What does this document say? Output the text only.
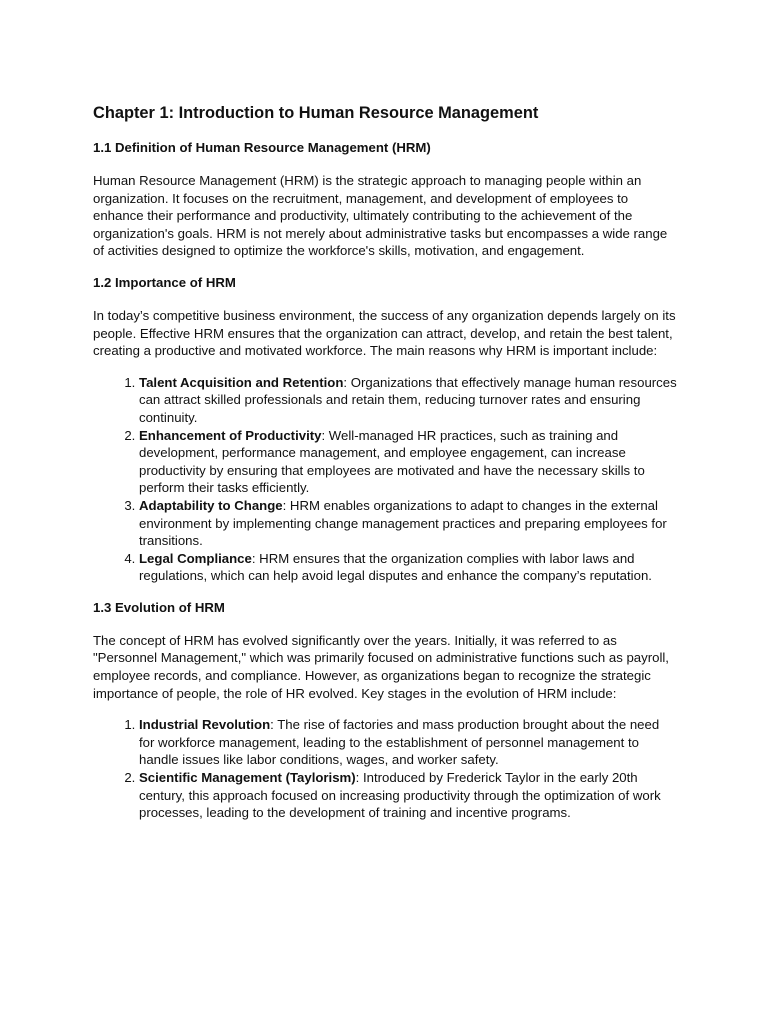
Chapter 1: Introduction to Human Resource Management
1.1 Definition of Human Resource Management (HRM)

Human Resource Management (HRM) is the strategic approach to managing people within an organization. It focuses on the recruitment, management, and development of employees to enhance their performance and productivity, ultimately contributing to the achievement of the organization's goals. HRM is not merely about administrative tasks but encompasses a wide range of activities designed to optimize the workforce's skills, motivation, and engagement.

1.2 Importance of HRM

In today’s competitive business environment, the success of any organization depends largely on its people. Effective HRM ensures that the organization can attract, develop, and retain the best talent, creating a productive and motivated workforce. The main reasons why HRM is important include:

1. Talent Acquisition and Retention: Organizations that effectively manage human resources can attract skilled professionals and retain them, reducing turnover rates and ensuring continuity.
2. Enhancement of Productivity: Well-managed HR practices, such as training and development, performance management, and employee engagement, can increase productivity by ensuring that employees are motivated and have the necessary skills to perform their tasks efficiently.
3. Adaptability to Change: HRM enables organizations to adapt to changes in the external environment by implementing change management practices and preparing employees for transitions.
4. Legal Compliance: HRM ensures that the organization complies with labor laws and regulations, which can help avoid legal disputes and enhance the company’s reputation.
1.3 Evolution of HRM

The concept of HRM has evolved significantly over the years. Initially, it was referred to as "Personnel Management," which was primarily focused on administrative functions such as payroll, employee records, and compliance. However, as organizations began to recognize the strategic importance of people, the role of HR evolved. Key stages in the evolution of HRM include:

1. Industrial Revolution: The rise of factories and mass production brought about the need for workforce management, leading to the establishment of personnel management to handle issues like labor conditions, wages, and worker safety.
2. Scientific Management (Taylorism): Introduced by Frederick Taylor in the early 20th century, this approach focused on increasing productivity through the optimization of work processes, leading to the development of training and incentive programs.
